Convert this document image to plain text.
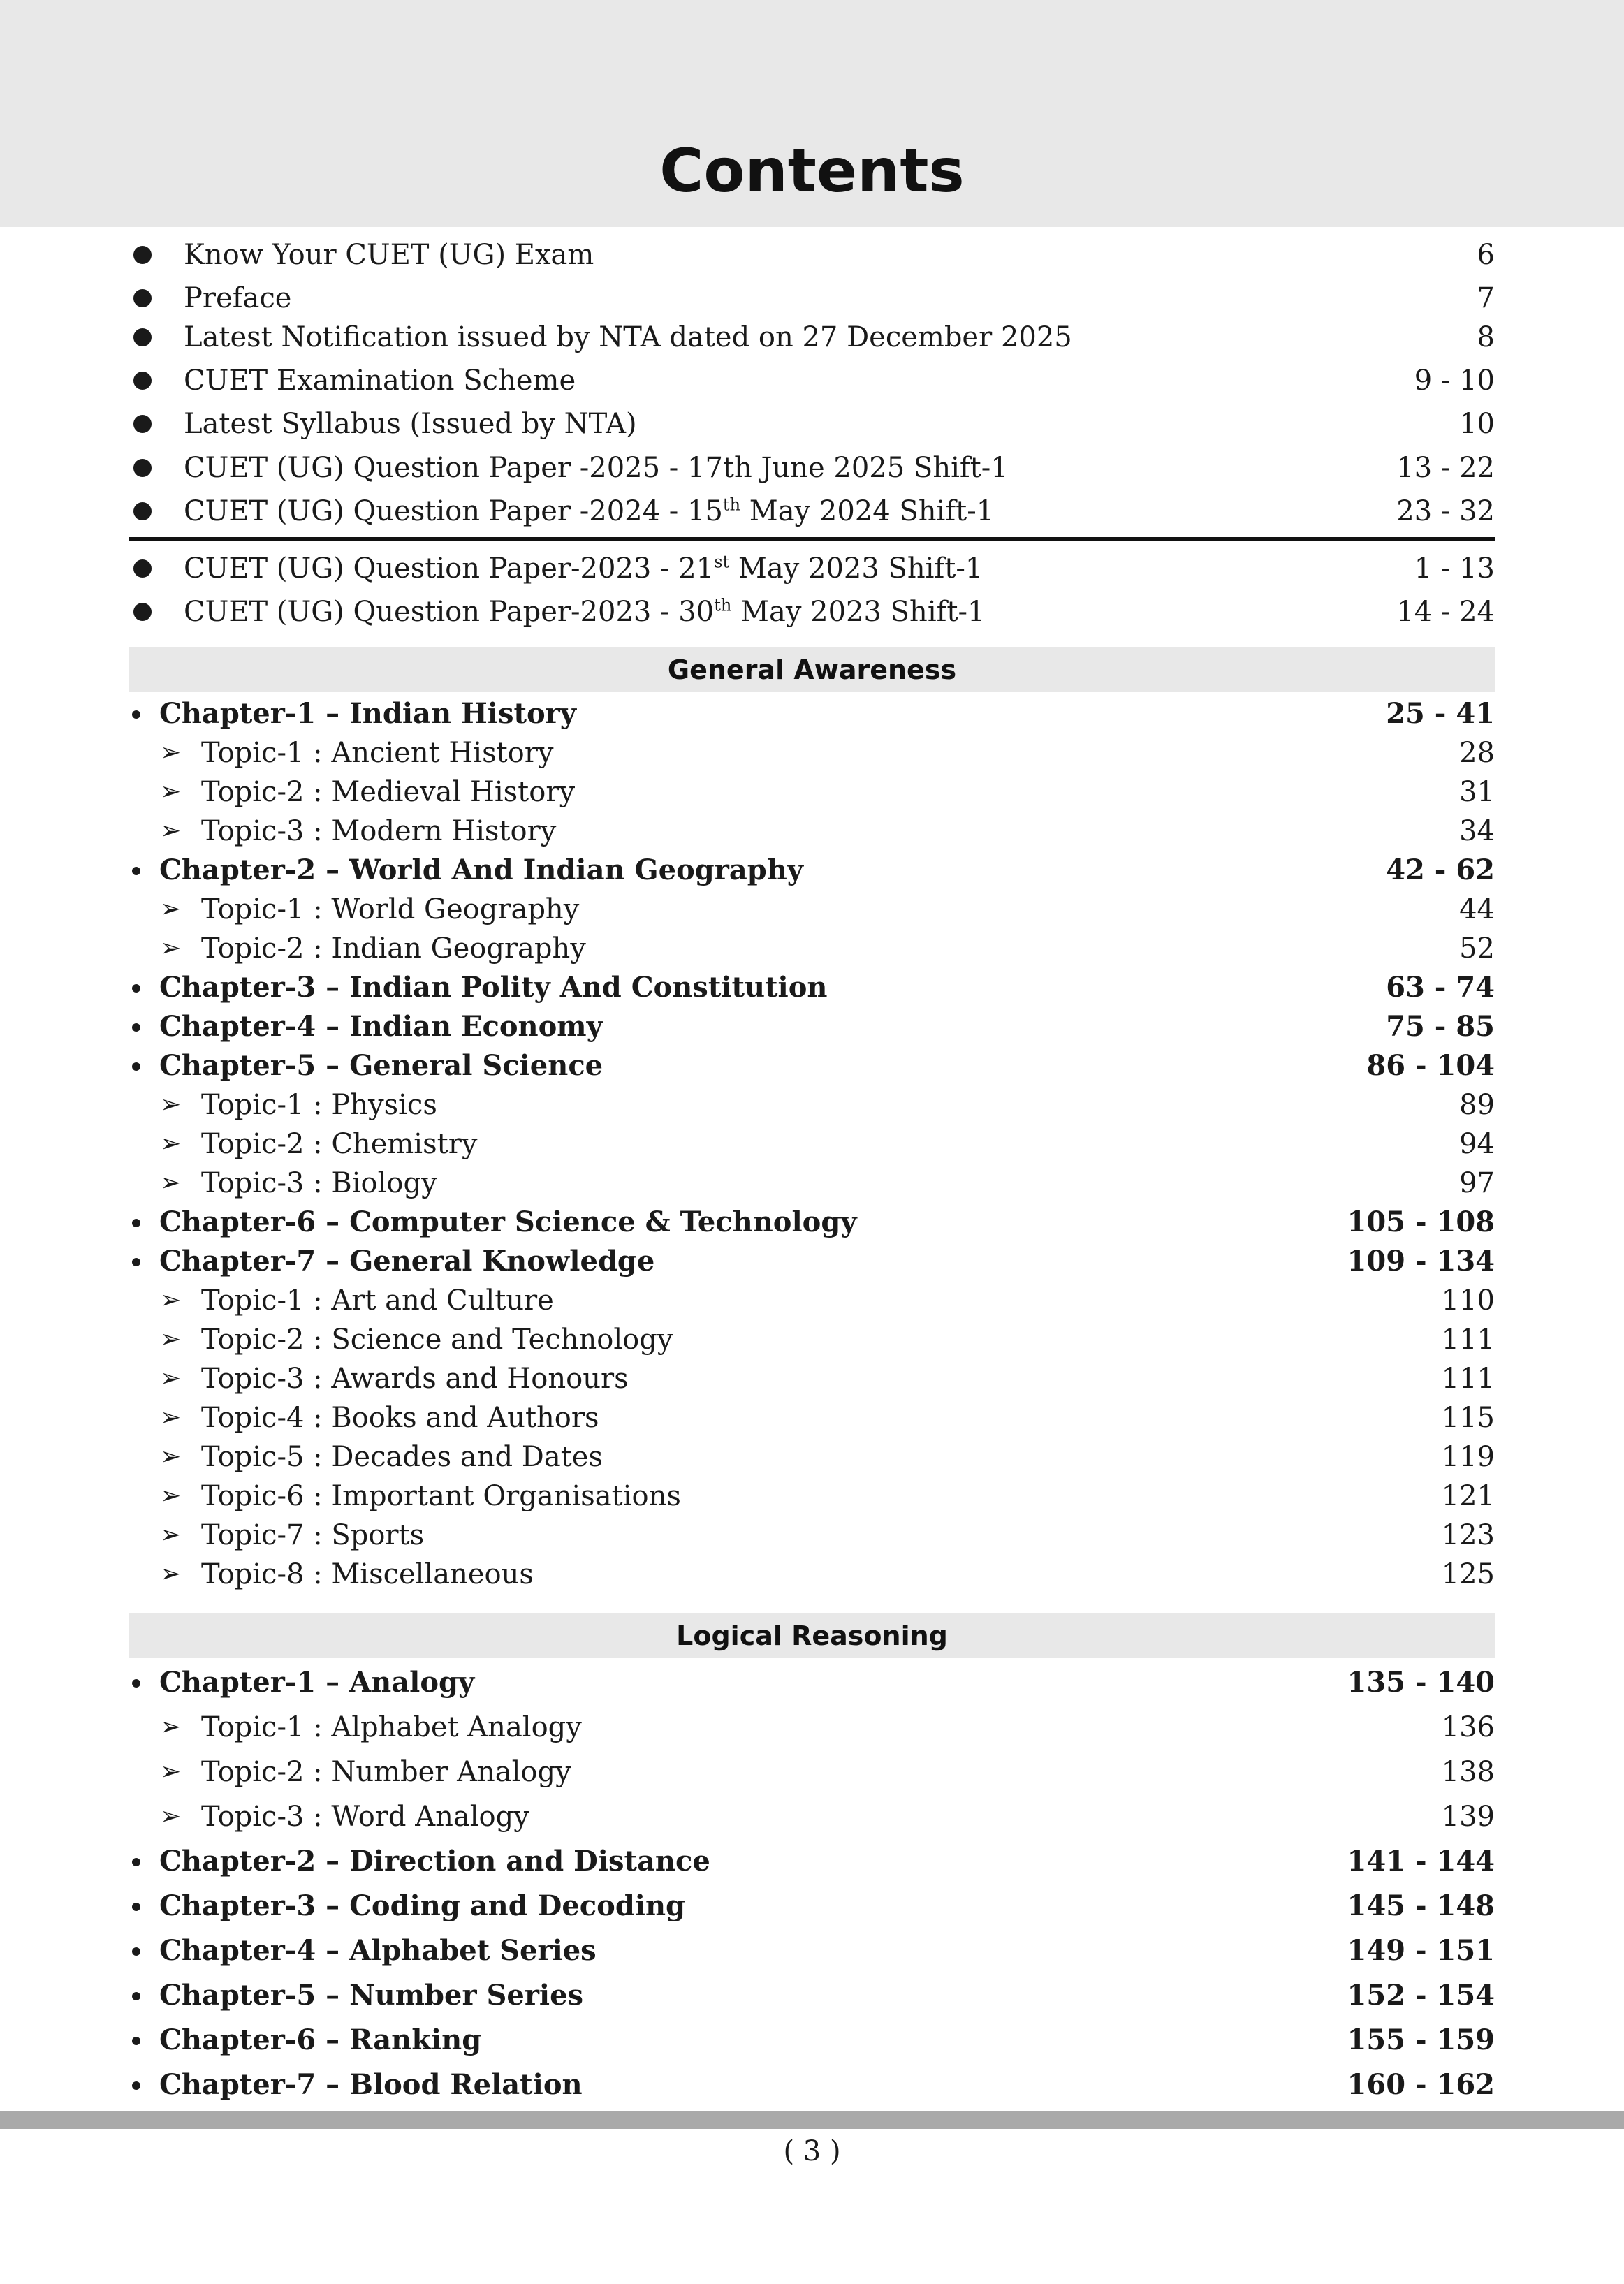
Contents
Know Your CUET (UG) Exam	6
Preface	7
Latest Notification issued by NTA dated on 27 December 2025	8
CUET Examination Scheme	9 - 10
Latest Syllabus (Issued by NTA)	10
CUET (UG) Question Paper -2025 - 17th June 2025 Shift-1	13 - 22
CUET (UG) Question Paper -2024 - 15th May 2024 Shift-1	23 - 32
CUET (UG) Question Paper-2023 - 21st May 2023 Shift-1	1 - 13
CUET (UG) Question Paper-2023 - 30th May 2023 Shift-1	14 - 24
General Awareness
Chapter-1 – Indian History	25 - 41
➢ Topic-1 : Ancient History	28
➢ Topic-2 : Medieval History	31
➢ Topic-3 : Modern History	34
Chapter-2 – World And Indian Geography	42 - 62
➢ Topic-1 : World Geography	44
➢ Topic-2 : Indian Geography	52
Chapter-3 – Indian Polity And Constitution	63 - 74
Chapter-4 – Indian Economy	75 - 85
Chapter-5 – General Science	86 - 104
➢ Topic-1 : Physics	89
➢ Topic-2 : Chemistry	94
➢ Topic-3 : Biology	97
Chapter-6 – Computer Science & Technology	105 - 108
Chapter-7 – General Knowledge	109 - 134
➢ Topic-1 : Art and Culture	110
➢ Topic-2 : Science and Technology	111
➢ Topic-3 : Awards and Honours	111
➢ Topic-4 : Books and Authors	115
➢ Topic-5 : Decades and Dates	119
➢ Topic-6 : Important Organisations	121
➢ Topic-7 : Sports	123
➢ Topic-8 : Miscellaneous	125
Logical Reasoning
Chapter-1 – Analogy	135 - 140
➢ Topic-1 : Alphabet Analogy	136
➢ Topic-2 : Number Analogy	138
➢ Topic-3 : Word Analogy	139
Chapter-2 – Direction and Distance	141 - 144
Chapter-3 – Coding and Decoding	145 - 148
Chapter-4 – Alphabet Series	149 - 151
Chapter-5 – Number Series	152 - 154
Chapter-6 – Ranking	155 - 159
Chapter-7 – Blood Relation	160 - 162
( 3 )
